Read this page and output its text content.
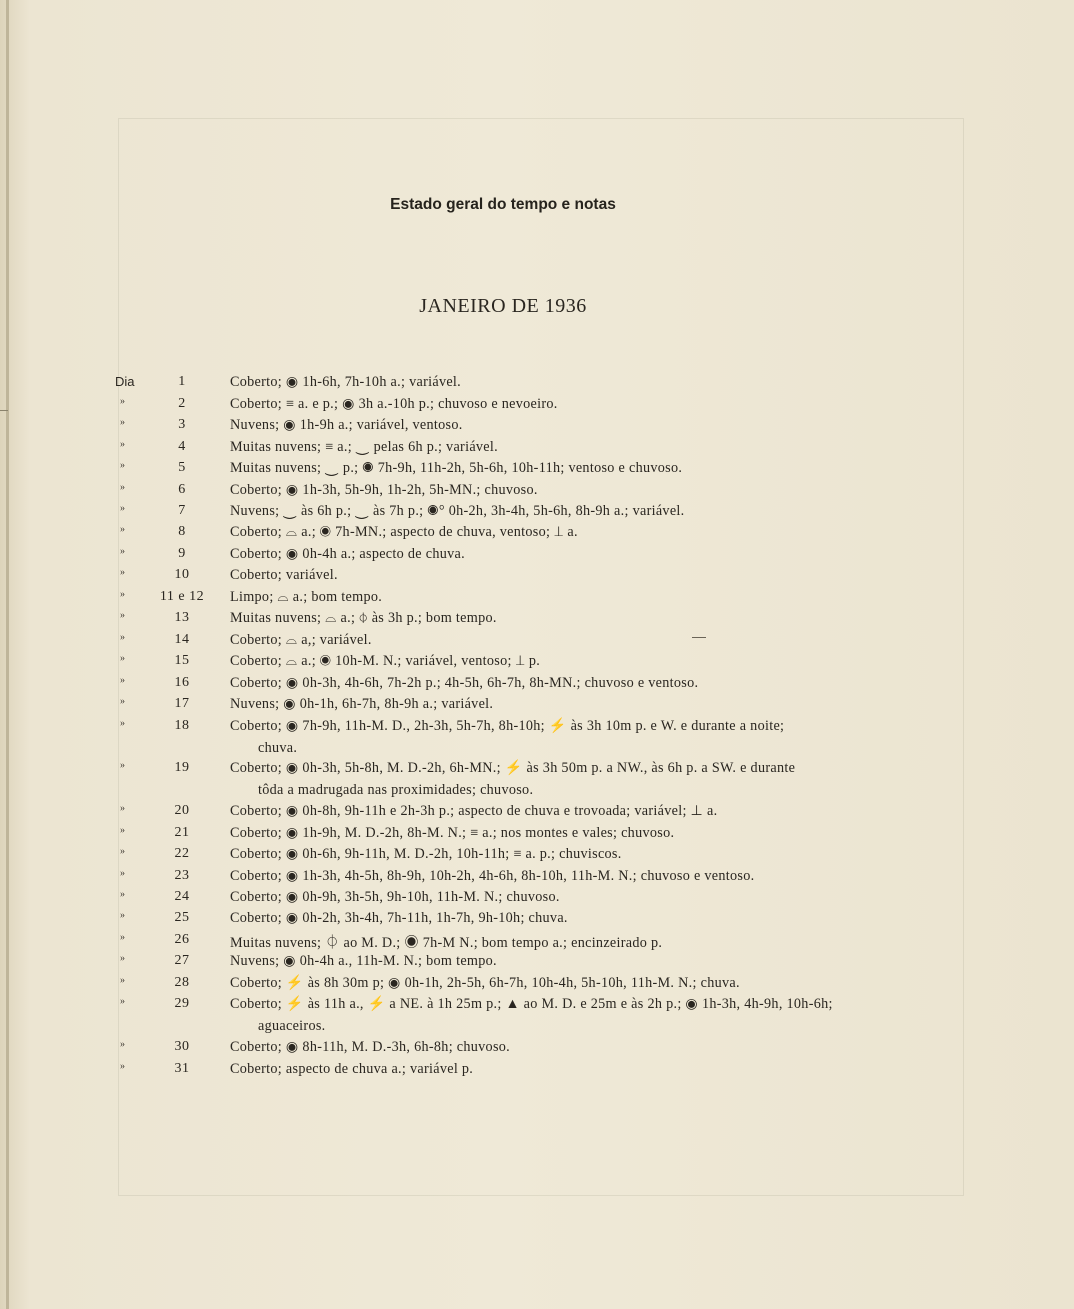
Estado geral do tempo e notas
JANEIRO DE 1936
Dia	1	Coberto; ◉ 1h-6h, 7h-10h a.; variável.
»	2	Coberto; ≡ a. e p.; ◉ 3h a.-10h p.; chuvoso e nevoeiro.
»	3	Nuvens; ◉ 1h-9h a.; variável, ventoso.
»	4	Muitas nuvens; ≡ a.; ⏝ pelas 6h p.; variável.
»	5	Muitas nuvens; ⏝ p.; ◉ 7h-9h, 11h-2h, 5h-6h, 10h-11h; ventoso e chuvoso.
»	6	Coberto; ◉ 1h-3h, 5h-9h, 1h-2h, 5h-MN.; chuvoso.
»	7	Nuvens; ⏝ às 6h p.; ⏝ às 7h p.; ◉° 0h-2h, 3h-4h, 5h-6h, 8h-9h a.; variável.
»	8	Coberto; ⌓ a.; ◉ 7h-MN.; aspecto de chuva, ventoso; ⊥ a.
»	9	Coberto; ◉ 0h-4h a.; aspecto de chuva.
»	10	Coberto; variável.
»	11 e 12	Limpo; ⌓ a.; bom tempo.
»	13	Muitas nuvens; ⌓ a.; ⏀ às 3h p.; bom tempo.
»	14	Coberto; ⌓ a,; variável.
»	15	Coberto; ⌓ a.; ◉ 10h-M. N.; variável, ventoso; ⊥ p.
»	16	Coberto; ◉ 0h-3h, 4h-6h, 7h-2h p.; 4h-5h, 6h-7h, 8h-MN.; chuvoso e ventoso.
»	17	Nuvens; ◉ 0h-1h, 6h-7h, 8h-9h a.; variável.
»	18	Coberto; ◉ 7h-9h, 11h-M. D., 2h-3h, 5h-7h, 8h-10h; ⚡ às 3h 10m p. e W. e durante a noite;
chuva.
»	19	Coberto; ◉ 0h-3h, 5h-8h, M. D.-2h, 6h-MN.; ⚡ às 3h 50m p. a NW., às 6h p. a SW. e durante
tôda a madrugada nas proximidades; chuvoso.
»	20	Coberto; ◉ 0h-8h, 9h-11h e 2h-3h p.; aspecto de chuva e trovoada; variável; ⊥ a.
»	21	Coberto; ◉ 1h-9h, M. D.-2h, 8h-M. N.; ≡ a.; nos montes e vales; chuvoso.
»	22	Coberto; ◉ 0h-6h, 9h-11h, M. D.-2h, 10h-11h; ≡ a. p.; chuviscos.
»	23	Coberto; ◉ 1h-3h, 4h-5h, 8h-9h, 10h-2h, 4h-6h, 8h-10h, 11h-M. N.; chuvoso e ventoso.
»	24	Coberto; ◉ 0h-9h, 3h-5h, 9h-10h, 11h-M. N.; chuvoso.
»	25	Coberto; ◉ 0h-2h, 3h-4h, 7h-11h, 1h-7h, 9h-10h; chuva.
»	26	Muitas nuvens; ⏀ ao M. D.; ◉ 7h-M N.; bom tempo a.; encinzeirado p.
»	27	Nuvens; ◉ 0h-4h a., 11h-M. N.; bom tempo.
»	28	Coberto; ⚡ às 8h 30m p; ◉ 0h-1h, 2h-5h, 6h-7h, 10h-4h, 5h-10h, 11h-M. N.; chuva.
»	29	Coberto; ⚡ às 11h a., ⚡ a NE. à 1h 25m p.; ▲ ao M. D. e 25m e às 2h p.; ◉ 1h-3h, 4h-9h, 10h-6h;
aguaceiros.
»	30	Coberto; ◉ 8h-11h, M. D.-3h, 6h-8h; chuvoso.
»	31	Coberto; aspecto de chuva a.; variável p.
